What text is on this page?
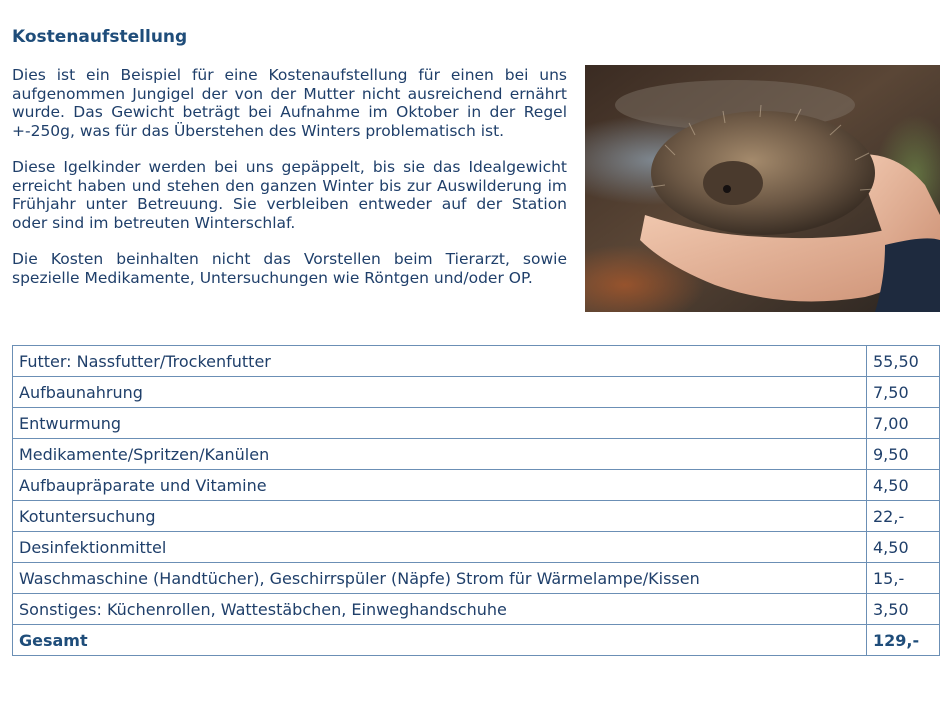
Kostenaufstellung

Dies ist ein Beispiel für eine Kostenaufstellung für einen bei uns aufgenommen Jungigel der von der Mutter nicht ausreichend ernährt wurde. Das Gewicht beträgt bei Aufnahme im Oktober in der Regel +-250g, was für das Überstehen des Winters problematisch ist.

Diese Igelkinder werden bei uns gepäppelt, bis sie das Idealgewicht erreicht haben und stehen den ganzen Winter bis zur Auswilderung im Frühjahr unter Betreuung. Sie verbleiben entweder auf der Station oder sind im betreuten Winterschlaf.

Die Kosten beinhalten nicht das Vorstellen beim Tierarzt, sowie spezielle Medikamente, Untersuchungen wie Röntgen und/oder OP.

Futter: Nassfutter/Trockenfutter	55,50
Aufbaunahrung	7,50
Entwurmung	7,00
Medikamente/Spritzen/Kanülen	9,50
Aufbaupräparate und Vitamine	4,50
Kotuntersuchung	22,-
Desinfektionmittel	4,50
Waschmaschine (Handtücher), Geschirrspüler (Näpfe) Strom für Wärmelampe/Kissen	15,-
Sonstiges: Küchenrollen, Wattestäbchen, Einweghandschuhe	3,50
Gesamt	129,-
